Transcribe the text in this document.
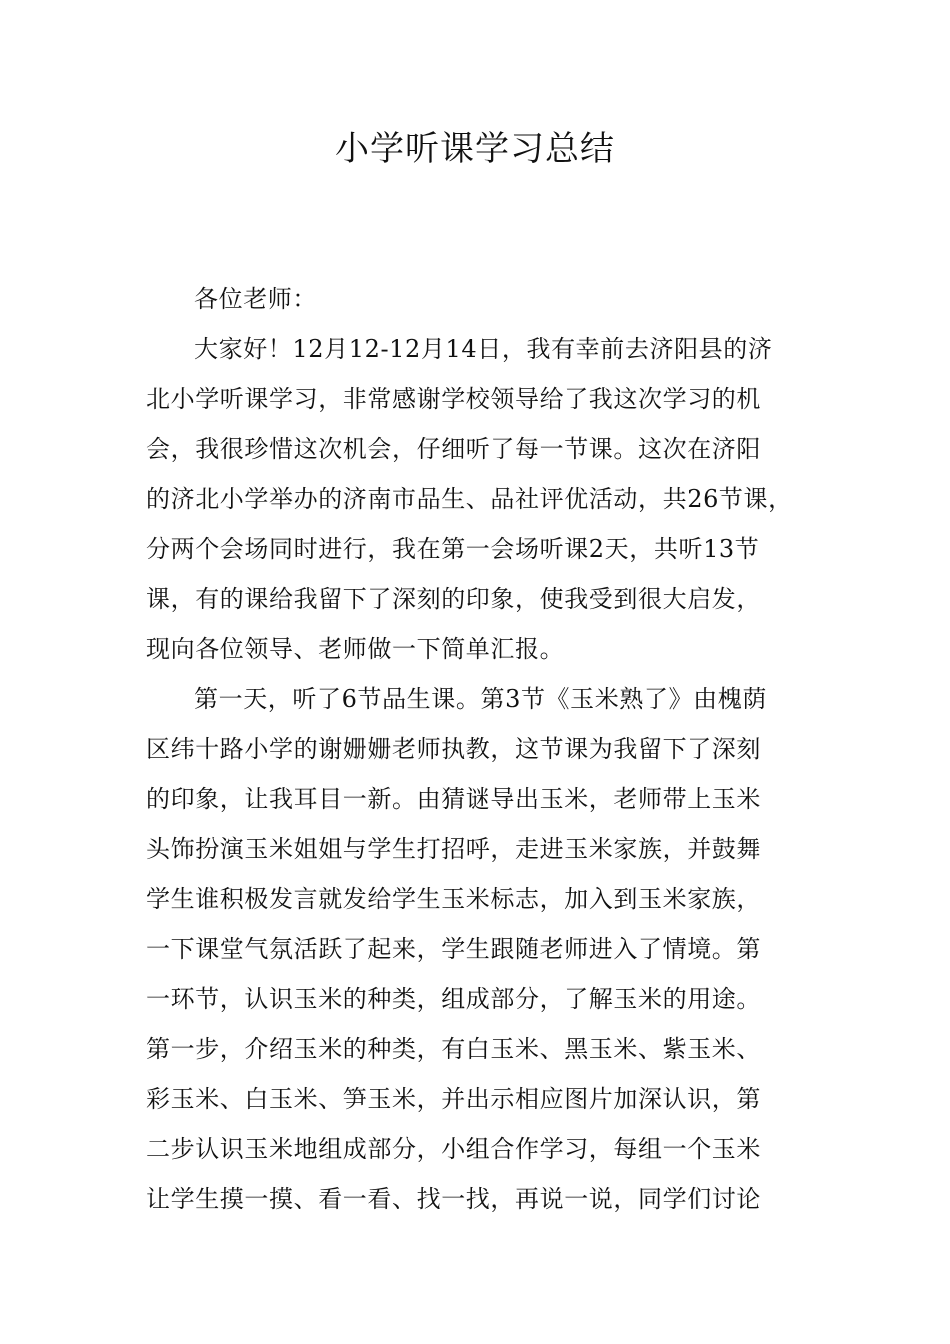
小学听课学习总结
各位老师：
大家好！12月12-12月14日，我有幸前去济阳县的济
北小学听课学习，非常感谢学校领导给了我这次学习的机
会，我很珍惜这次机会，仔细听了每一节课。这次在济阳
的济北小学举办的济南市品生、品社评优活动，共26节课，
分两个会场同时进行，我在第一会场听课2天，共听13节
课，有的课给我留下了深刻的印象，使我受到很大启发，
现向各位领导、老师做一下简单汇报。
第一天，听了6节品生课。第3节《玉米熟了》由槐荫
区纬十路小学的谢姗姗老师执教，这节课为我留下了深刻
的印象，让我耳目一新。由猜谜导出玉米，老师带上玉米
头饰扮演玉米姐姐与学生打招呼，走进玉米家族，并鼓舞
学生谁积极发言就发给学生玉米标志，加入到玉米家族，
一下课堂气氛活跃了起来，学生跟随老师进入了情境。第
一环节，认识玉米的种类，组成部分，了解玉米的用途。
第一步，介绍玉米的种类，有白玉米、黑玉米、紫玉米、
彩玉米、白玉米、笋玉米，并出示相应图片加深认识，第
二步认识玉米地组成部分，小组合作学习，每组一个玉米
让学生摸一摸、看一看、找一找，再说一说，同学们讨论
